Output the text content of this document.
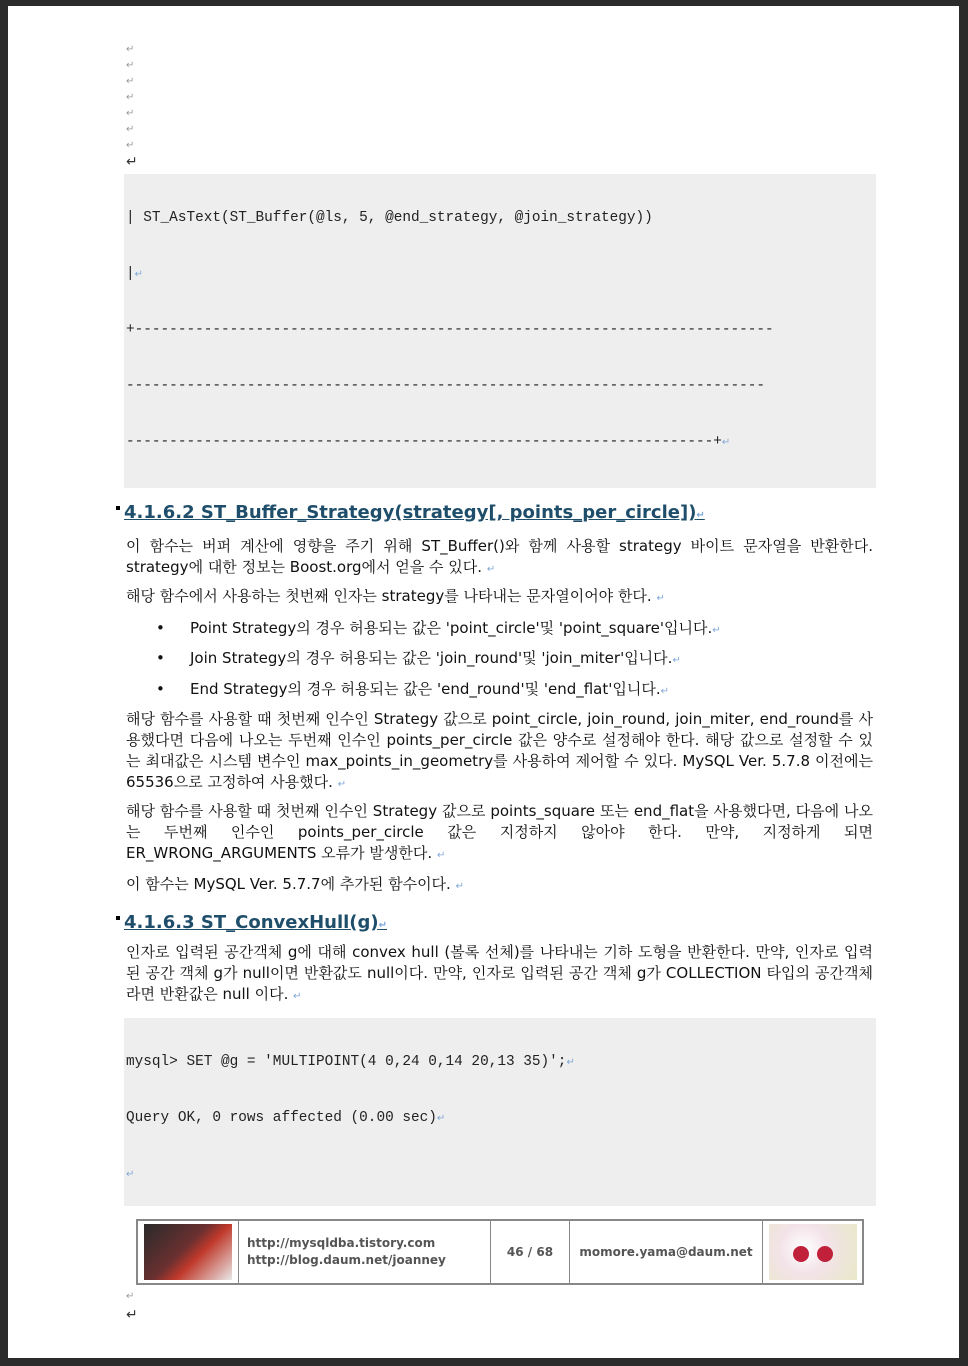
↵
↵
↵
↵
↵
↵
↵
↵

| ST_AsText(ST_Buffer(@ls, 5, @end_strategy, @join_strategy))

|↵

+--------------------------------------------------------------------------

--------------------------------------------------------------------------

--------------------------------------------------------------------+↵

4.1.6.2 ST_Buffer_Strategy(strategy[, points_per_circle])↵
이 함수는 버퍼 계산에 영향을 주기 위해 ST_Buffer()와 함께 사용할 strategy 바이트 문자열을 반환한다. strategy에 대한 정보는 Boost.org에서 얻을 수 있다. ↵
해당 함수에서 사용하는 첫번째 인자는 strategy를 나타내는 문자열이어야 한다. ↵
• Point Strategy의 경우 허용되는 값은 'point_circle'및 'point_square'입니다.↵
• Join Strategy의 경우 허용되는 값은 'join_round'및 'join_miter'입니다.↵
• End Strategy의 경우 허용되는 값은 'end_round'및 'end_flat'입니다.↵
해당 함수를 사용할 때 첫번째 인수인 Strategy 값으로 point_circle, join_round, join_miter, end_round를 사용했다면 다음에 나오는 두번째 인수인 points_per_circle 값은 양수로 설정해야 한다. 해당 값으로 설정할 수 있는 최대값은 시스템 변수인 max_points_in_geometry를 사용하여 제어할 수 있다. MySQL Ver. 5.7.8 이전에는 65536으로 고정하여 사용했다. ↵
해당 함수를 사용할 때 첫번째 인수인 Strategy 값으로 points_square 또는 end_flat을 사용했다면, 다음에 나오는 두번째 인수인 points_per_circle 값은 지정하지 않아야 한다. 만약, 지정하게 되면 ER_WRONG_ARGUMENTS 오류가 발생한다. ↵
이 함수는 MySQL Ver. 5.7.7에 추가된 함수이다. ↵
4.1.6.3 ST_ConvexHull(g)↵
인자로 입력된 공간객체 g에 대해 convex hull (볼록 선체)를 나타내는 기하 도형을 반환한다. 만약, 인자로 입력된 공간 객체 g가 null이면 반환값도 null이다. 만약, 인자로 입력된 공간 객체 g가 COLLECTION 타입의 공간객체 라면 반환값은 null 이다. ↵

mysql> SET @g = 'MULTIPOINT(4 0,24 0,14 20,13 35)';↵

Query OK, 0 rows affected (0.00 sec)↵

↵

http://mysqldba.tistory.com
http://blog.daum.net/joanney
46 / 68 momore.yama@daum.net
↵
↵
